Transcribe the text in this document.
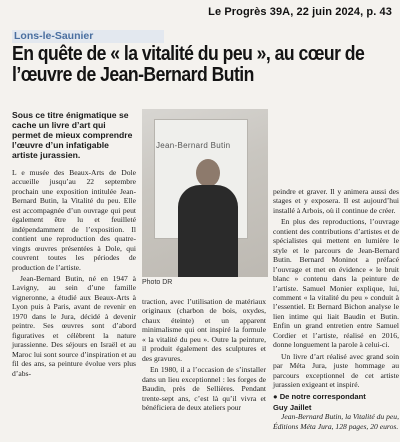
Le Progrès 39A, 22 juin 2024, p. 43
Lons-le-Saunier
En quête de « la vitalité du peu », au cœur de l’œuvre de Jean-Bernard Butin

Sous ce titre énigmatique se cache un livre d’art qui permet de mieux comprendre l’œuvre d’un infatigable artiste jurassien.

L e musée des Beaux-Arts de Dole accueille jusqu’au 22 septembre prochain une exposition intitulée Jean-Bernard Butin, la Vitalité du peu. Elle est accompagnée d’un ouvrage qui peut également être lu et feuilleté indépendamment de l’exposition. Il contient une reproduction des quatre-vingts œuvres présentées à Dole, qui couvrent toutes les périodes de production de l’artiste.

Jean-Bernard Butin, né en 1947 à Lavigny, au sein d’une famille vigneronne, a étudié aux Beaux-Arts à Lyon puis à Paris, avant de revenir en 1970 dans le Jura, décidé à devenir peintre. Ses œuvres sont d’abord figuratives et célèbrent la nature jurassienne. Des séjours en Israël et au Maroc lui sont source d’inspiration et au fil des ans, sa peinture évolue vers plus d’abs-

Jean-Bernard Butin
Photo DR

traction, avec l’utilisation de matériaux originaux (charbon de bois, oxydes, chaux éteinte) et un apparent minimalisme qui ont inspiré la formule « la vitalité du peu ». Outre la peinture, il produit également des sculptures et des gravures.

En 1980, il a l’occasion de s’installer dans un lieu exceptionnel : les forges de Baudin, près de Sellières. Pendant trente-sept ans, c’est là qu’il vivra et bénéficiera de deux ateliers pour

peindre et graver. Il y animera aussi des stages et y exposera. Il est aujourd’hui installé à Arbois, où il continue de créer.

En plus des reproductions, l’ouvrage contient des contributions d’artistes et de spécialistes qui mettent en lumière le style et le parcours de Jean-Bernard Butin. Bernard Moninot a préfacé l’ouvrage et met en évidence « le bruit blanc » contenu dans la peinture de l’artiste. Samuel Monier explique, lui, comment « la vitalité du peu » conduit à l’essentiel. Et Bernard Bichon analyse le lien intime qui liait Baudin et Butin. Enfin un grand entretien entre Samuel Cordier et l’artiste, réalisé en 2016, donne longuement la parole à celui-ci.

Un livre d’art réalisé avec grand soin par Méta Jura, juste hommage au parcours exceptionnel de cet artiste jurassien exigeant et inspiré.

● De notre correspondant
Guy Jaillet

Jean-Bernard Butin, la Vitalité du peu, Éditions Méta Jura, 128 pages, 20 euros.
